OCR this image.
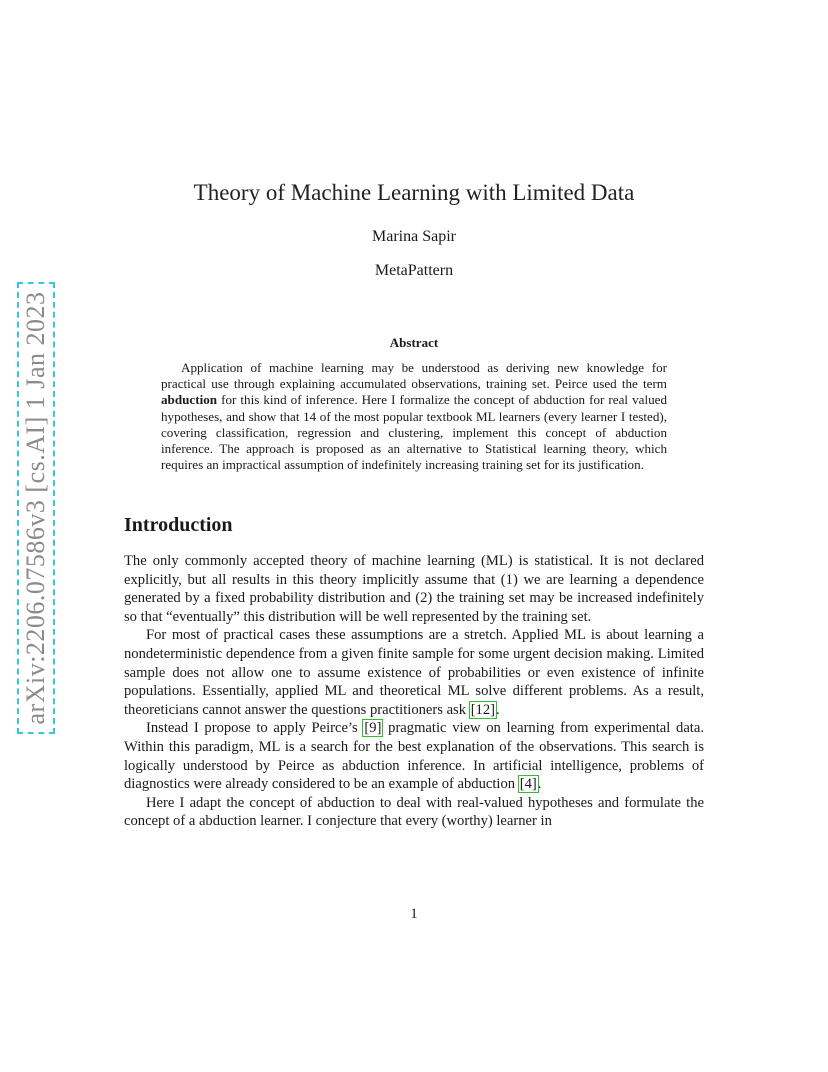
arXiv:2206.07586v3 [cs.AI] 1 Jan 2023
Theory of Machine Learning with Limited Data
Marina Sapir
MetaPattern
Abstract
Application of machine learning may be understood as deriving new knowledge for practical use through explaining accumulated observations, training set. Peirce used the term abduction for this kind of inference. Here I formalize the concept of abduction for real valued hypotheses, and show that 14 of the most popular textbook ML learners (every learner I tested), covering classification, regression and clustering, implement this concept of abduction inference. The approach is proposed as an alternative to Statistical learning theory, which requires an impractical assumption of indefinitely increasing training set for its justification.
Introduction

The only commonly accepted theory of machine learning (ML) is statistical. It is not declared explicitly, but all results in this theory implicitly assume that (1) we are learning a dependence generated by a fixed probability distribution and (2) the training set may be increased indefinitely so that “eventually” this distribution will be well represented by the training set.

For most of practical cases these assumptions are a stretch. Applied ML is about learning a nondeterministic dependence from a given finite sample for some urgent decision making. Limited sample does not allow one to assume existence of probabilities or even existence of infinite populations. Essentially, applied ML and theoretical ML solve different problems. As a result, theoreticians cannot answer the questions practitioners ask [12].

Instead I propose to apply Peirce’s [9] pragmatic view on learning from experimental data. Within this paradigm, ML is a search for the best explanation of the observations. This search is logically understood by Peirce as abduction inference. In artificial intelligence, problems of diagnostics were already considered to be an example of abduction [4].

Here I adapt the concept of abduction to deal with real-valued hypotheses and formulate the concept of a abduction learner. I conjecture that every (worthy) learner in

1
